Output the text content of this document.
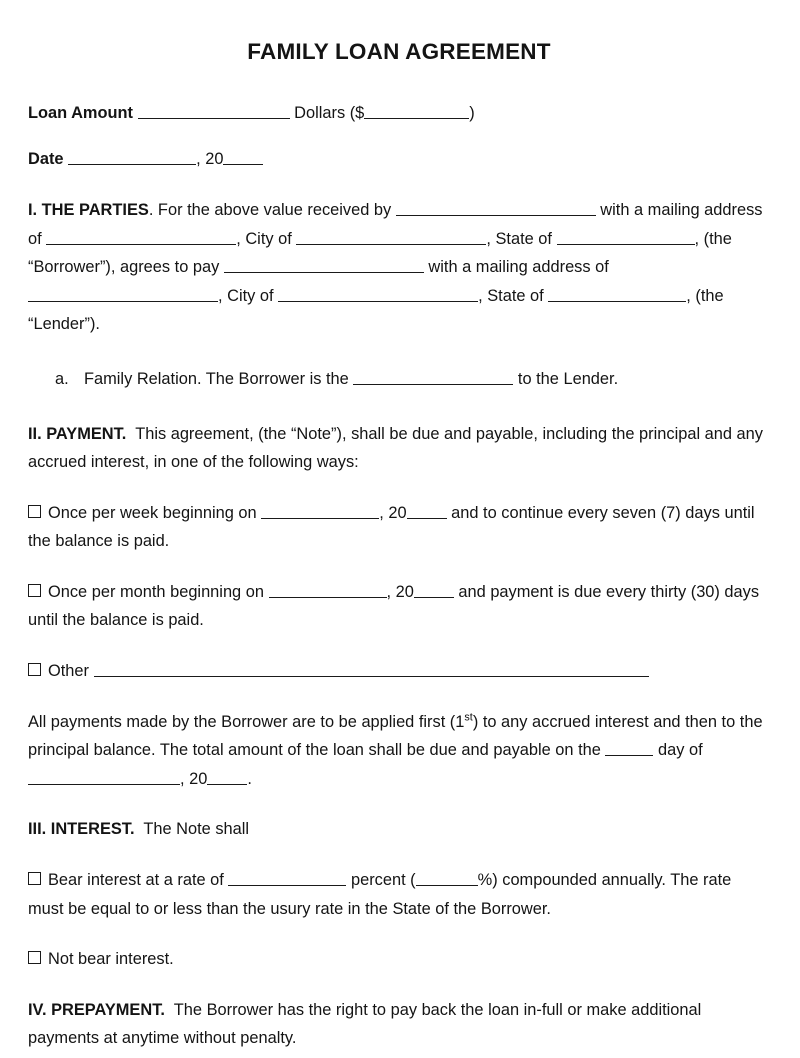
FAMILY LOAN AGREEMENT

Loan Amount	Dollars ($	)

Date	, 20

I. THE PARTIES. For the above value received by	with a mailing address of	, City of	, State of	, (the “Borrower”), agrees to pay	with a mailing address of , City of	, State of	, (the “Lender”).

a. Family Relation. The Borrower is the	to the Lender.

II. PAYMENT. This agreement, (the “Note”), shall be due and payable, including the principal and any accrued interest, in one of the following ways:

Once per week beginning on	, 20 and to continue every seven (7) days until the balance is paid.

Once per month beginning on	, 20 and payment is due every thirty (30) days until the balance is paid.

Other

All payments made by the Borrower are to be applied first (1st) to any accrued interest and then to the principal balance. The total amount of the loan shall be due and payable on the	day of , 20 .

III. INTEREST. The Note shall

Bear interest at a rate of	percent (	%) compounded annually. The rate must be equal to or less than the usury rate in the State of the Borrower.

Not bear interest.

IV. PREPAYMENT. The Borrower has the right to pay back the loan in-full or make additional payments at anytime without penalty.
